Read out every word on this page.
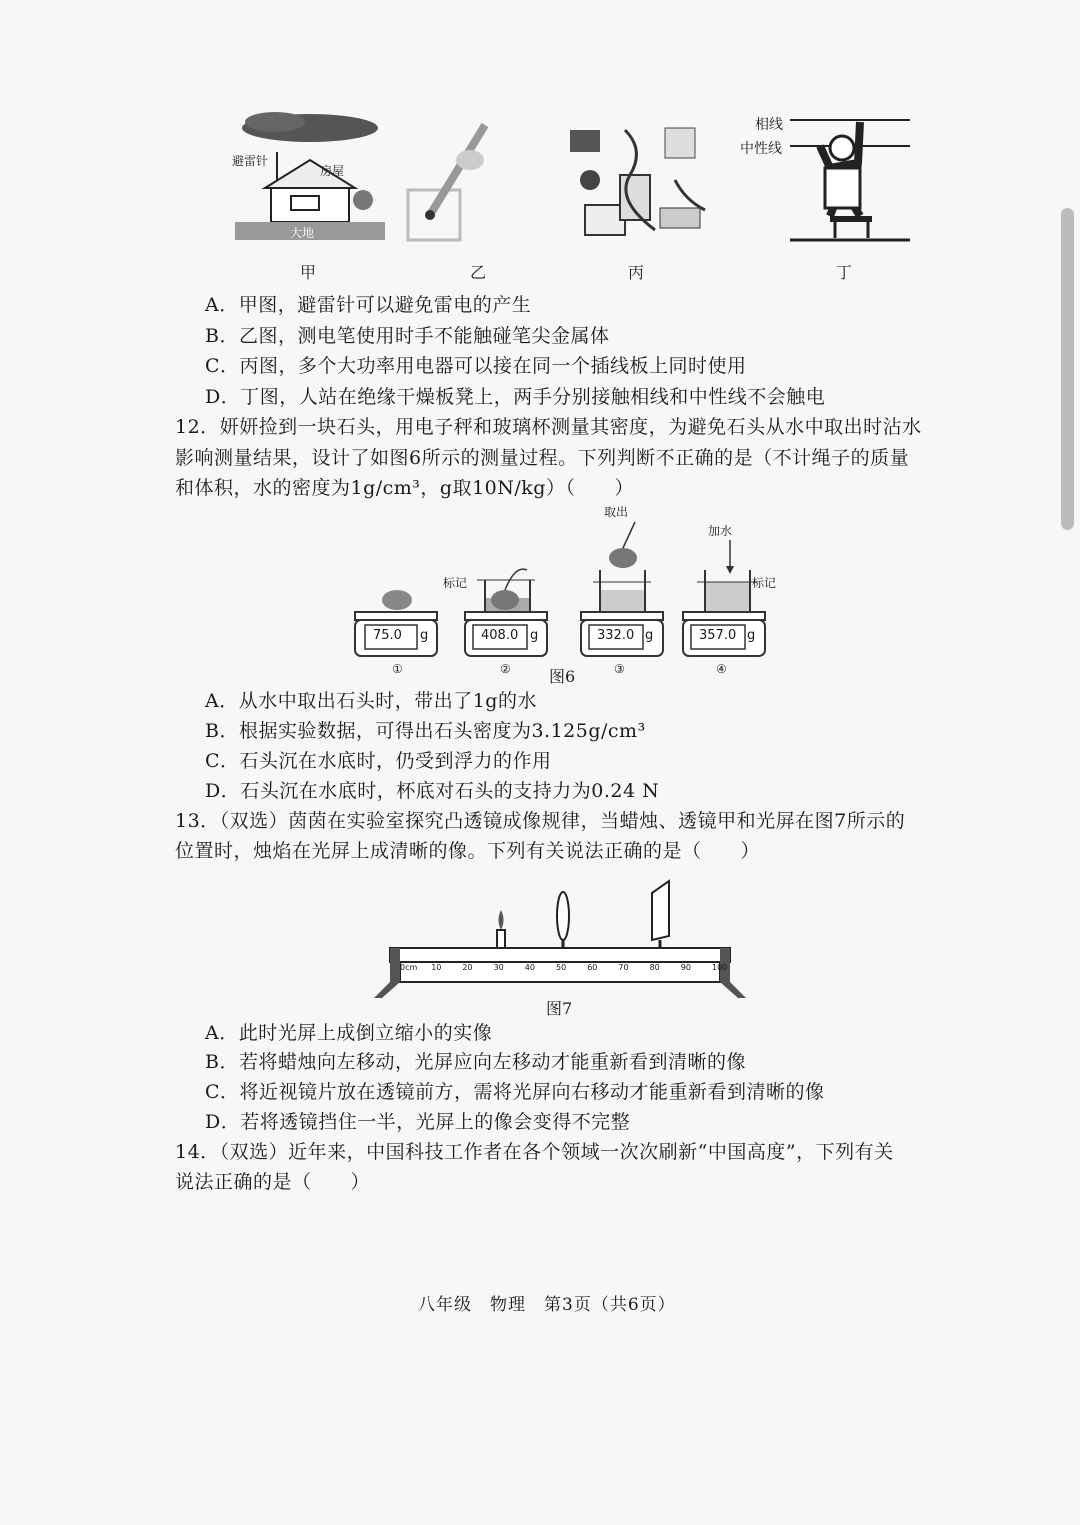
避雷针
房屋
大地
相线
中性线
甲	乙	丙	丁
A．甲图，避雷针可以避免雷电的产生
B．乙图，测电笔使用时手不能触碰笔尖金属体
C．丙图，多个大功率用电器可以接在同一个插线板上同时使用
D．丁图，人站在绝缘干燥板凳上，两手分别接触相线和中性线不会触电
12．妍妍捡到一块石头，用电子秤和玻璃杯测量其密度，为避免石头从水中取出时沾水
影响测量结果，设计了如图6所示的测量过程。下列判断不正确的是（不计绳子的质量
和体积，水的密度为1g/cm³，g取10N/kg）（　　）
75.0 g	408.0 g	332.0 g	357.0 g
标记
取出
加水
标记
①	②	③	④
图6
A．从水中取出石头时，带出了1g的水
B．根据实验数据，可得出石头密度为3.125g/cm³
C．石头沉在水底时，仍受到浮力的作用
D．石头沉在水底时，杯底对石头的支持力为0.24 N
13．（双选）茵茵在实验室探究凸透镜成像规律，当蜡烛、透镜甲和光屏在图7所示的
位置时，烛焰在光屏上成清晰的像。下列有关说法正确的是（　　）
0cm 10	20	30	40	50	60	70	80	90	100
图7
A．此时光屏上成倒立缩小的实像
B．若将蜡烛向左移动，光屏应向左移动才能重新看到清晰的像
C．将近视镜片放在透镜前方，需将光屏向右移动才能重新看到清晰的像
D．若将透镜挡住一半，光屏上的像会变得不完整
14．（双选）近年来，中国科技工作者在各个领域一次次刷新“中国高度”，下列有关
说法正确的是（　　）
八年级　物理　第3页（共6页）
